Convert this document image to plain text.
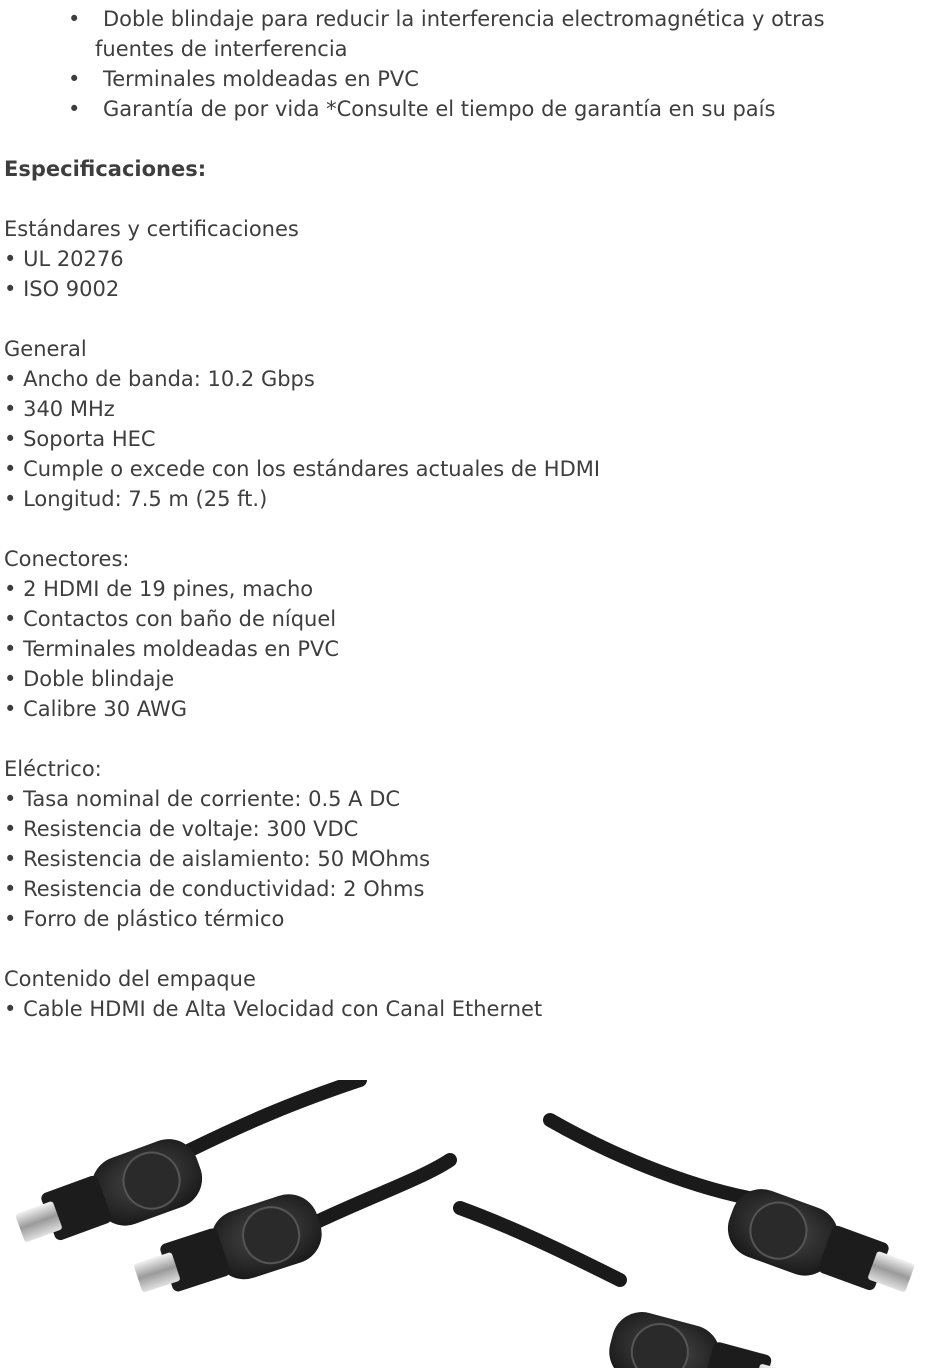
•	Doble blindaje para reducir la interferencia electromagnética y otras
fuentes de interferencia
•	Terminales moldeadas en PVC
•	Garantía de por vida *Consulte el tiempo de garantía en su país
Especificaciones:
Estándares y certificaciones
• UL 20276
• ISO 9002
General
• Ancho de banda: 10.2 Gbps
• 340 MHz
• Soporta HEC
• Cumple o excede con los estándares actuales de HDMI
• Longitud: 7.5 m (25 ft.)
Conectores:
• 2 HDMI de 19 pines, macho
• Contactos con baño de níquel
• Terminales moldeadas en PVC
• Doble blindaje
• Calibre 30 AWG
Eléctrico:
• Tasa nominal de corriente: 0.5 A DC
• Resistencia de voltaje: 300 VDC
• Resistencia de aislamiento: 50 MOhms
• Resistencia de conductividad: 2 Ohms
• Forro de plástico térmico
Contenido del empaque
• Cable HDMI de Alta Velocidad con Canal Ethernet
